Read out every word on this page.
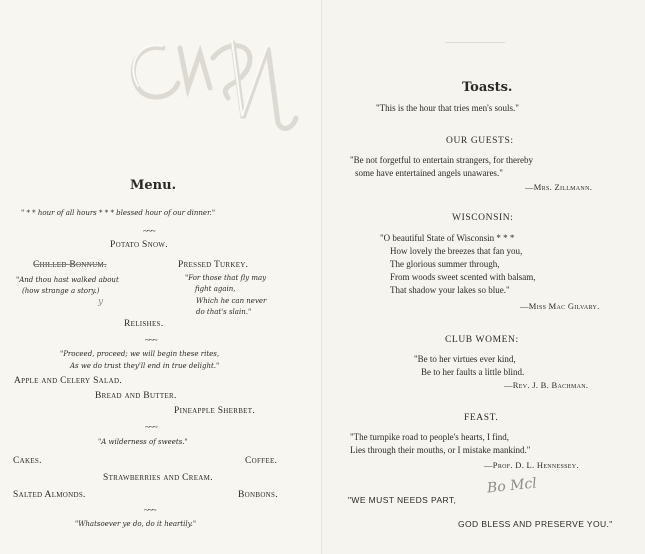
Menu.
" * * hour of all hours * * * blessed hour of our dinner."
~~~
Potato Snow.
Chilled Bonnum.
"And thou hast walked about
(how strange a story.)
y
Pressed Turkey.
"For those that fly may
fight again,
Which he can never
do that's slain."
Relishes.
~~~
"Proceed, proceed; we will begin these rites,
As we do trust they'll end in true delight."
Apple and Celery Salad.
Bread and Butter.
Pineapple Sherbet.
~~~
"A wilderness of sweets."
Cakes.	Coffee.
Strawberries and Cream.
Salted Almonds.	Bonbons.
~~~
"Whatsoever ye do, do it heartily."
Toasts.
"This is the hour that tries men's souls."
OUR GUESTS:
"Be not forgetful to entertain strangers, for thereby
some have entertained angels unawares."
—Mrs. Zillmann.
WISCONSIN:
"O beautiful State of Wisconsin * * *
How lovely the breezes that fan you,
The glorious summer through,
From woods sweet scented with balsam,
That shadow your lakes so blue."
—Miss Mac Gilvary.
CLUB WOMEN:
"Be to her virtues ever kind,
Be to her faults a little blind.
—Rev. J. B. Bachman.
FEAST.
"The turnpike road to people's hearts, I find,
Lies through their mouths, or I mistake mankind."
—Prof. D. L. Hennessey.
Bo Mcl
"WE MUST NEEDS PART,
GOD BLESS AND PRESERVE YOU."
